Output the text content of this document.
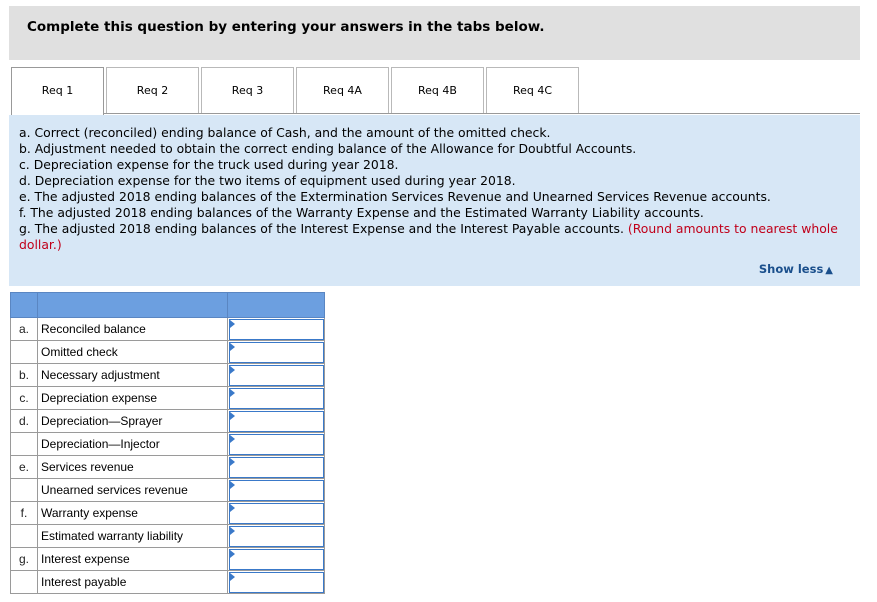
Complete this question by entering your answers in the tabs below.
Req 1	Req 2	Req 3	Req 4A	Req 4B	Req 4C
a. Correct (reconciled) ending balance of Cash, and the amount of the omitted check.
b. Adjustment needed to obtain the correct ending balance of the Allowance for Doubtful Accounts.
c. Depreciation expense for the truck used during year 2018.
d. Depreciation expense for the two items of equipment used during year 2018.
e. The adjusted 2018 ending balances of the Extermination Services Revenue and Unearned Services Revenue accounts.
f. The adjusted 2018 ending balances of the Warranty Expense and the Estimated Warranty Liability accounts.
g. The adjusted 2018 ending balances of the Interest Expense and the Interest Payable accounts. (Round amounts to nearest whole dollar.)
Show less ▲

a.	Reconciled balance	

	Omitted check	

b.	Necessary adjustment	

c.	Depreciation expense	

d.	Depreciation—Sprayer	

	Depreciation—Injector	

e.	Services revenue	

	Unearned services revenue	

f.	Warranty expense	

	Estimated warranty liability	

g.	Interest expense	

	Interest payable	
